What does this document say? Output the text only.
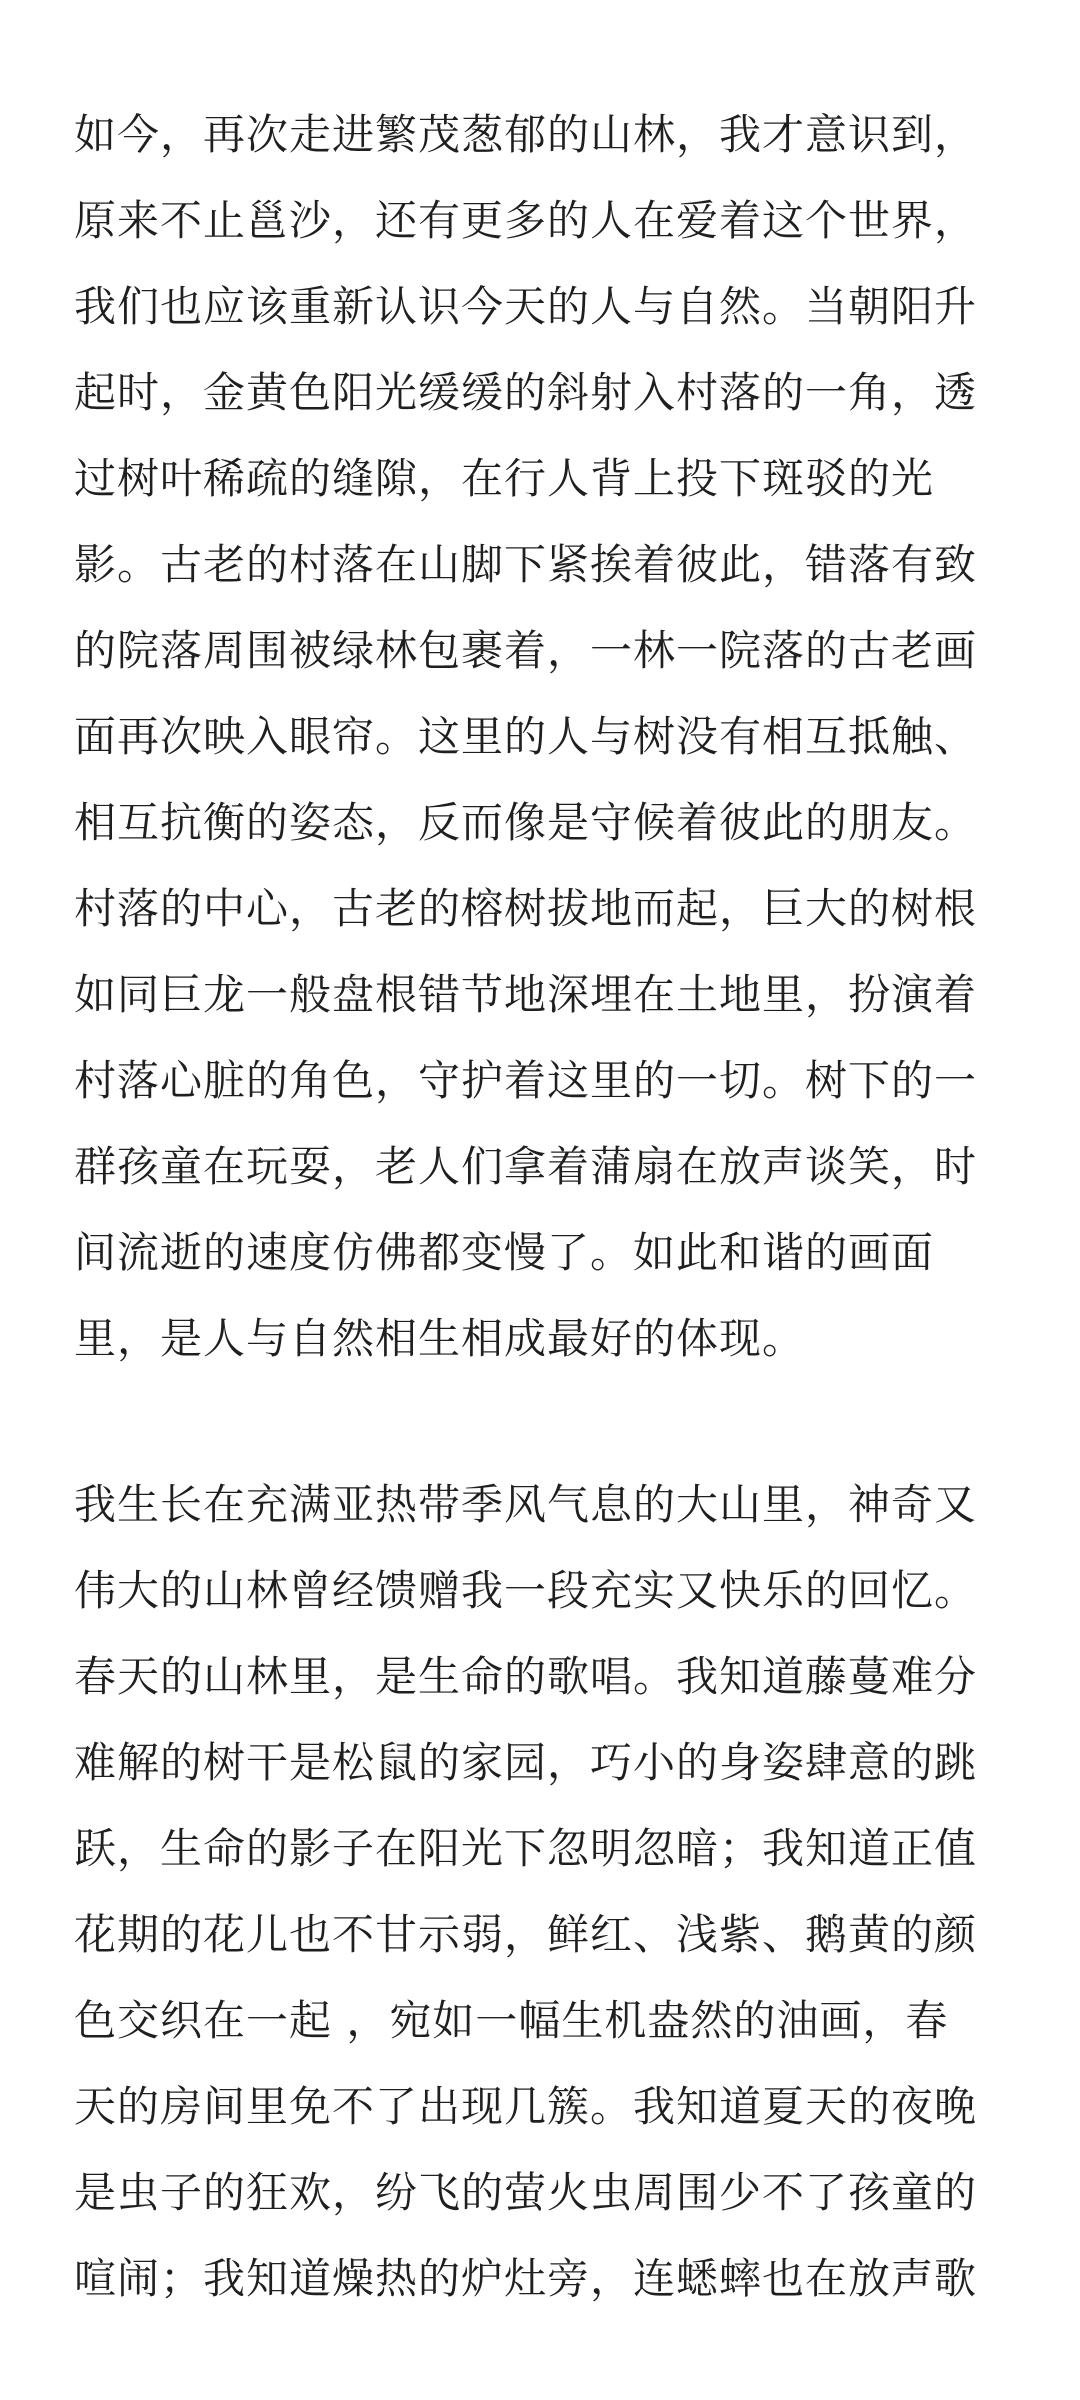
如今，再次走进繁茂葱郁的山林，我才意识到，
原来不止邕沙，还有更多的人在爱着这个世界，
我们也应该重新认识今天的人与自然。当朝阳升
起时，金黄色阳光缓缓的斜射入村落的一角，透
过树叶稀疏的缝隙，在行人背上投下斑驳的光
影。古老的村落在山脚下紧挨着彼此，错落有致
的院落周围被绿林包裹着，一林一院落的古老画
面再次映入眼帘。这里的人与树没有相互抵触、
相互抗衡的姿态，反而像是守候着彼此的朋友。
村落的中心，古老的榕树拔地而起，巨大的树根
如同巨龙一般盘根错节地深埋在土地里，扮演着
村落心脏的角色，守护着这里的一切。树下的一
群孩童在玩耍，老人们拿着蒲扇在放声谈笑，时
间流逝的速度仿佛都变慢了。如此和谐的画面
里，是人与自然相生相成最好的体现。
我生长在充满亚热带季风气息的大山里，神奇又
伟大的山林曾经馈赠我一段充实又快乐的回忆。
春天的山林里，是生命的歌唱。我知道藤蔓难分
难解的树干是松鼠的家园，巧小的身姿肆意的跳
跃，生命的影子在阳光下忽明忽暗；我知道正值
花期的花儿也不甘示弱，鲜红、浅紫、鹅黄的颜
色交织在一起 ，宛如一幅生机盎然的油画，春
天的房间里免不了出现几簇。我知道夏天的夜晚
是虫子的狂欢，纷飞的萤火虫周围少不了孩童的
喧闹；我知道燥热的炉灶旁，连蟋蟀也在放声歌
